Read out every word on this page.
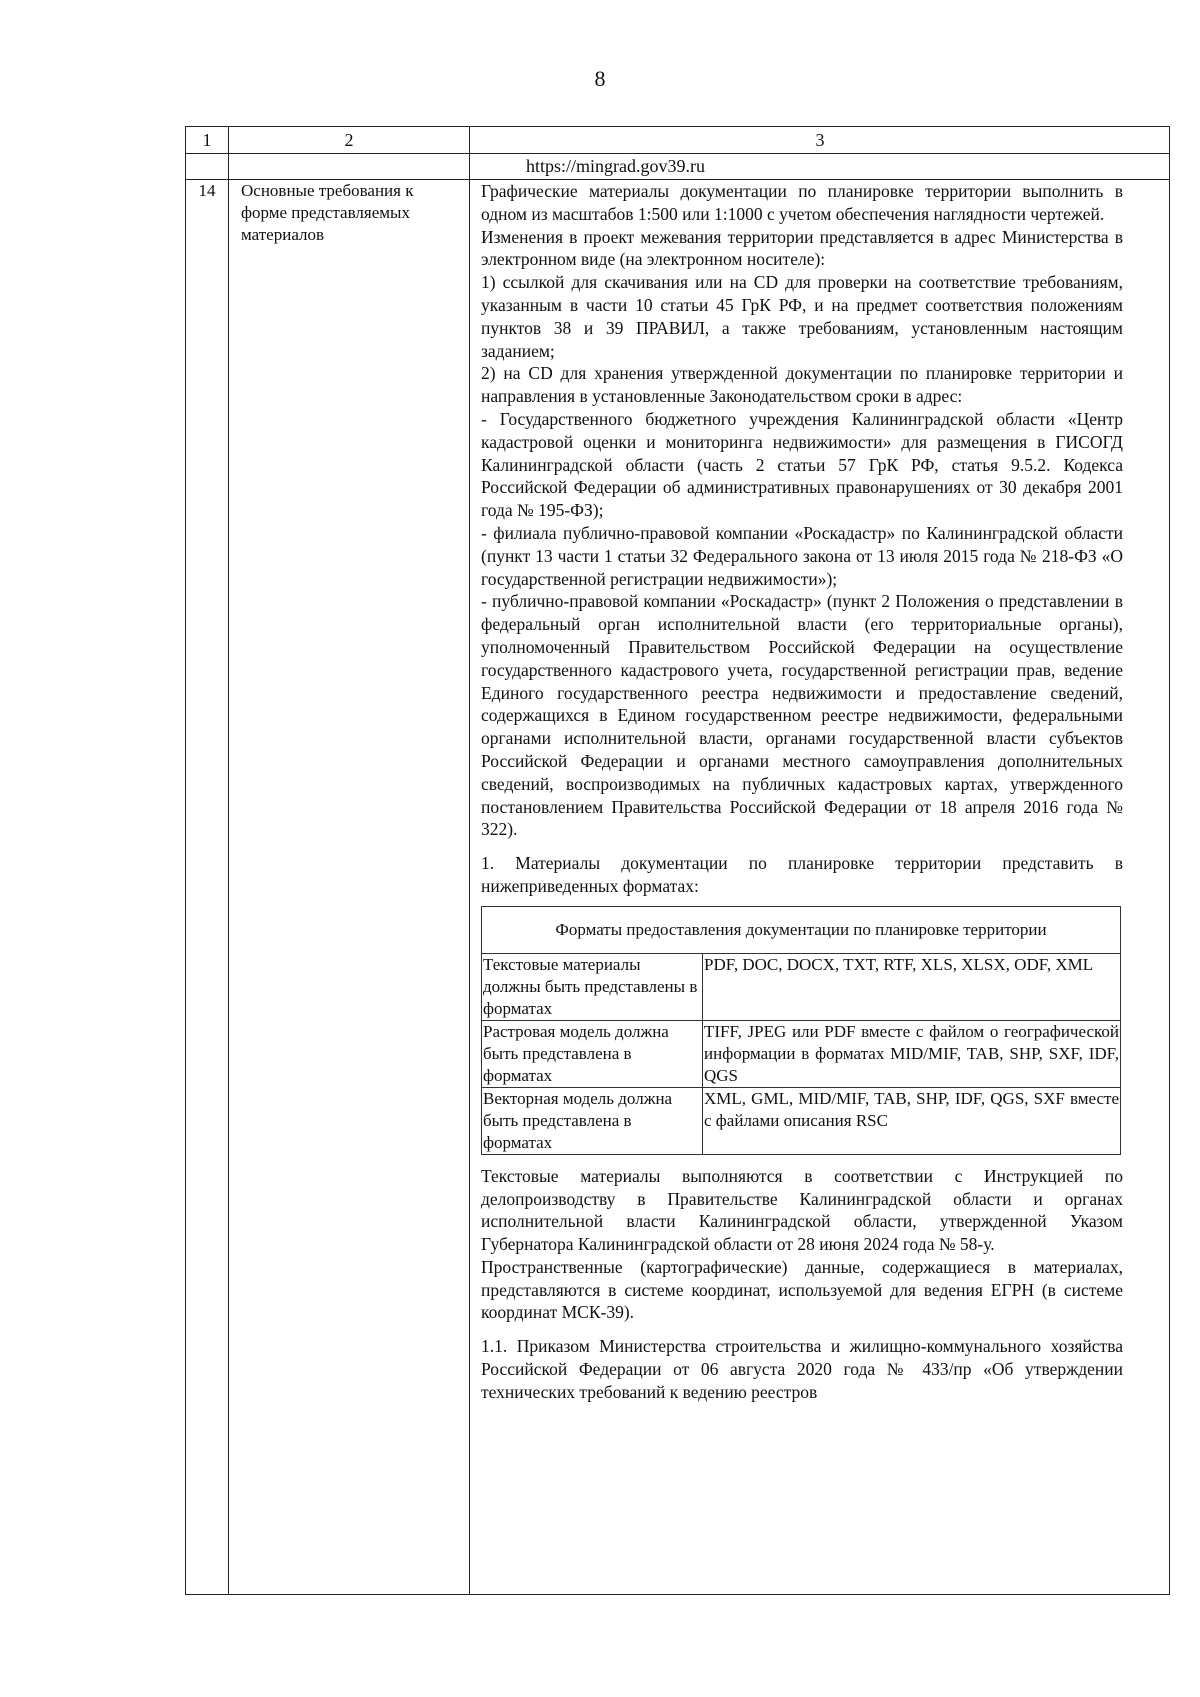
8
1	2	3
https://mingrad.gov39.ru
14	Основные требования к форме представляемых материалов

Графические материалы документации по планировке территории выполнить в одном из масштабов 1:500 или 1:1000 с учетом обеспечения наглядности чертежей.

Изменения в проект межевания территории представляется в адрес Министерства в электронном виде (на электронном носителе):

1) ссылкой для скачивания или на CD для проверки на соответствие требованиям, указанным в части 10 статьи 45 ГрК РФ, и на предмет соответствия положениям пунктов 38 и 39 ПРАВИЛ, а также требованиям, установленным настоящим заданием;

2) на CD для хранения утвержденной документации по планировке территории и направления в установленные Законодательством сроки в адрес:

- Государственного бюджетного учреждения Калининградской области «Центр кадастровой оценки и мониторинга недвижимости» для размещения в ГИСОГД Калининградской области (часть 2 статьи 57 ГрК РФ, статья 9.5.2. Кодекса Российской Федерации об административных правонарушениях от 30 декабря 2001 года № 195-ФЗ);

- филиала публично-правовой компании «Роскадастр» по Калининградской области (пункт 13 части 1 статьи 32 Федерального закона от 13 июля 2015 года № 218-ФЗ «О государственной регистрации недвижимости»);

- публично-правовой компании «Роскадастр» (пункт 2 Положения о представлении в федеральный орган исполнительной власти (его территориальные органы), уполномоченный Правительством Российской Федерации на осуществление государственного кадастрового учета, государственной регистрации прав, ведение Единого государственного реестра недвижимости и предоставление сведений, содержащихся в Едином государственном реестре недвижимости, федеральными органами исполнительной власти, органами государственной власти субъектов Российской Федерации и органами местного самоуправления дополнительных сведений, воспроизводимых на публичных кадастровых картах, утвержденного постановлением Правительства Российской Федерации от 18 апреля 2016 года № 322).

1. Материалы документации по планировке территории представить в нижеприведенных форматах:

Форматы предоставления документации по планировке территории	
Текстовые материалы должны быть представлены в форматах	PDF, DOC, DOCX, TXT, RTF, XLS, XLSX, ODF, XML
Растровая модель должна быть представлена в форматах	TIFF, JPEG или PDF вместе с файлом о географической информации в форматах MID/MIF, TAB, SHP, SXF, IDF, QGS
Векторная модель должна быть представлена в форматах	XML, GML, MID/MIF, TAB, SHP, IDF, QGS, SXF вместе с файлами описания RSC

Текстовые материалы выполняются в соответствии с Инструкцией по делопроизводству в Правительстве Калининградской области и органах исполнительной власти Калининградской области, утвержденной Указом Губернатора Калининградской области от 28 июня 2024 года № 58-у.

Пространственные (картографические) данные, содержащиеся в материалах, представляются в системе координат, используемой для ведения ЕГРН (в системе координат МСК-39).

1.1. Приказом Министерства строительства и жилищно-коммунального хозяйства Российской Федерации от 06 августа 2020 года № 433/пр «Об утверждении технических требований к ведению реестров
